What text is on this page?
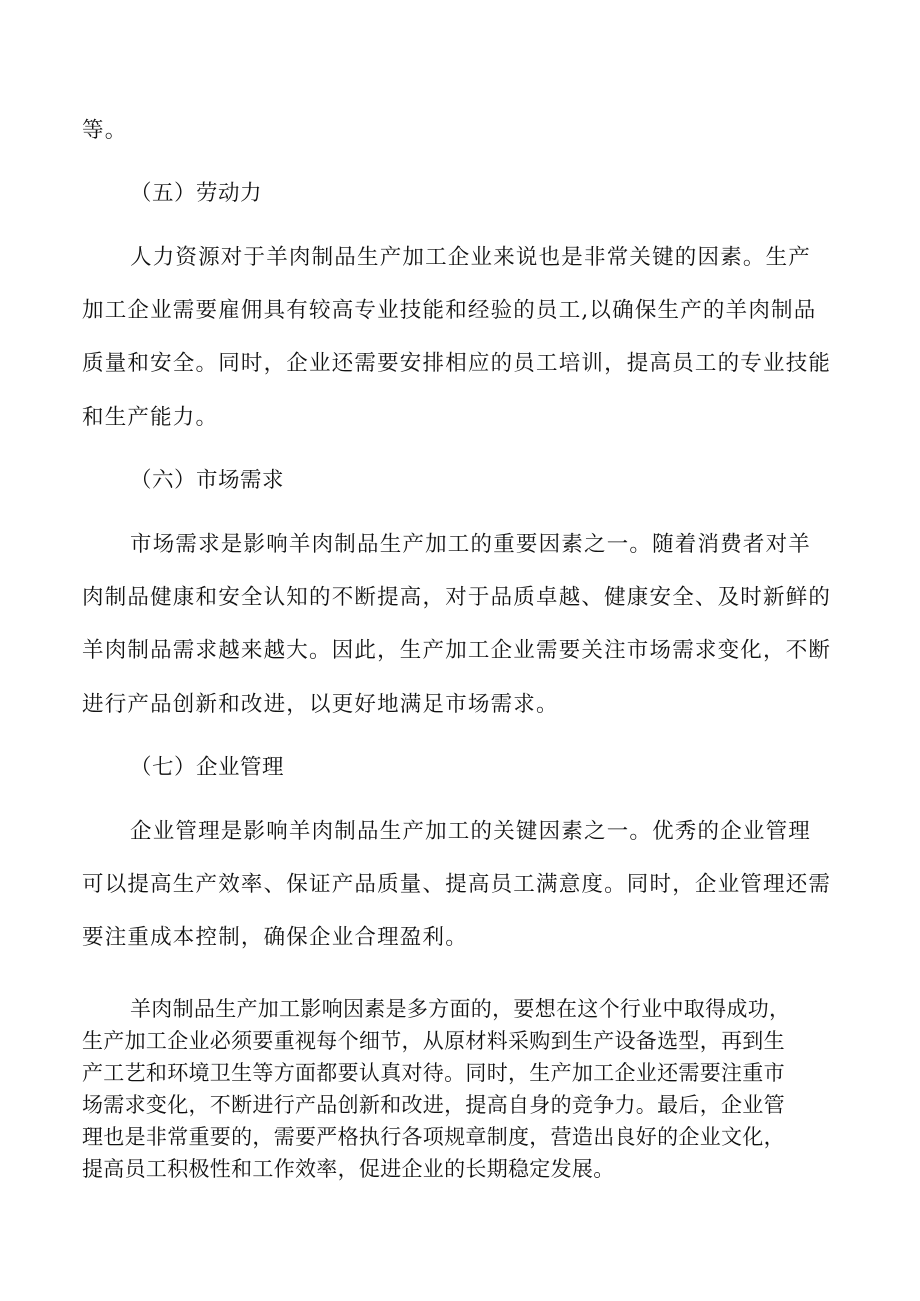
等。
（五）劳动力
人力资源对于羊肉制品生产加工企业来说也是非常关键的因素。生产
加工企业需要雇佣具有较高专业技能和经验的员工,以确保生产的羊肉制品
质量和安全。同时，企业还需要安排相应的员工培训，提高员工的专业技能
和生产能力。
（六）市场需求
市场需求是影响羊肉制品生产加工的重要因素之一。随着消费者对羊
肉制品健康和安全认知的不断提高，对于品质卓越、健康安全、及时新鲜的
羊肉制品需求越来越大。因此，生产加工企业需要关注市场需求变化，不断
进行产品创新和改进，以更好地满足市场需求。
（七）企业管理
企业管理是影响羊肉制品生产加工的关键因素之一。优秀的企业管理
可以提高生产效率、保证产品质量、提高员工满意度。同时，企业管理还需
要注重成本控制，确保企业合理盈利。
羊肉制品生产加工影响因素是多方面的，要想在这个行业中取得成功，
生产加工企业必须要重视每个细节，从原材料采购到生产设备选型，再到生
产工艺和环境卫生等方面都要认真对待。同时，生产加工企业还需要注重市
场需求变化，不断进行产品创新和改进，提高自身的竞争力。最后，企业管
理也是非常重要的，需要严格执行各项规章制度，营造出良好的企业文化，
提高员工积极性和工作效率，促进企业的长期稳定发展。
